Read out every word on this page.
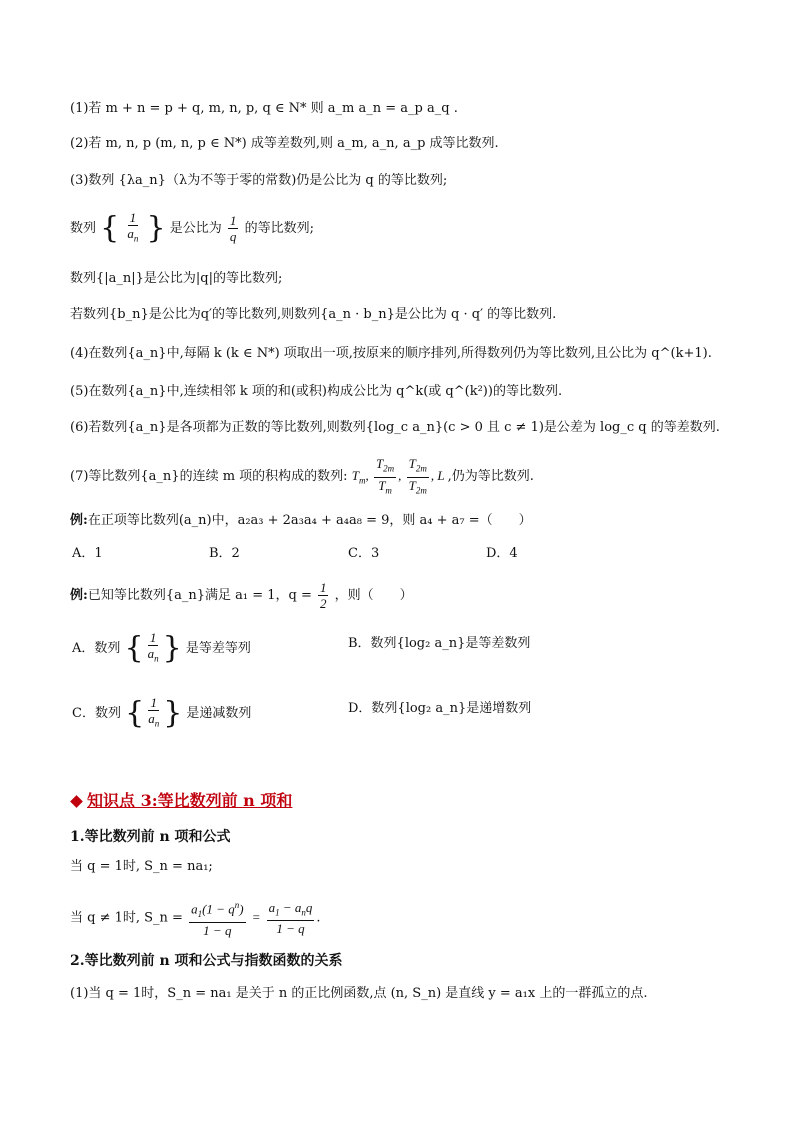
(1)若 m + n = p + q, m, n, p, q ∈ N* 则 a_m a_n = a_p a_q .
(2)若 m, n, p (m, n, p ∈ N*) 成等差数列,则 a_m, a_n, a_p 成等比数列.
(3)数列 {λa_n}（λ为不等于零的常数)仍是公比为 q 的等比数列;
数列 { $\frac{1}{a_n}$ } 是公比为 $\frac{1}{q}$ 的等比数列;
数列{|a_n|}是公比为|q|的等比数列;
若数列{b_n}是公比为q′的等比数列,则数列{a_n · b_n}是公比为 q · q′ 的等比数列.
(4)在数列{a_n}中,每隔 k (k ∈ N*) 项取出一项,按原来的顺序排列,所得数列仍为等比数列,且公比为 q^(k+1).
(5)在数列{a_n}中,连续相邻 k 项的和(或积)构成公比为 q^k(或 q^(k²))的等比数列.
(6)若数列{a_n}是各项都为正数的等比数列,则数列{log_c a_n}(c > 0 且 c ≠ 1)是公差为 log_c q 的等差数列.
(7)等比数列{a_n}的连续 m 项的积构成的数列: $T_m$, $\frac{T_{2m}}{T_m}$ , $\frac{T_{2m}}{T_{2m}}$ , L ,仍为等比数列.
例:在正项等比数列(a_n)中，a₂a₃ + 2a₃a₄ + a₄a₈ = 9，则 a₄ + a₇ =（　　）
A．1	B．2	C．3	D．4
例:已知等比数列{a_n}满足 a₁ = 1，$q = \frac{1}{2}$ ，则（　　）
A．数列 { $\frac{1}{a_n}$ } 是等差等列	B．数列{log₂ a_n}是等差数列
C．数列 { $\frac{1}{a_n}$ } 是递减数列	D．数列{log₂ a_n}是递增数列
知识点 3:等比数列前 n 项和
1.等比数列前 n 项和公式
当 q = 1时, S_n = na₁;
当 q ≠ 1时, S_n = $\frac{a_1(1 - q^n)}{1 - q} = \frac{a_1 - a_nq}{1 - q}$ .
2.等比数列前 n 项和公式与指数函数的关系
(1)当 q = 1时，S_n = na₁ 是关于 n 的正比例函数,点 (n, S_n) 是直线 y = a₁x 上的一群孤立的点.
